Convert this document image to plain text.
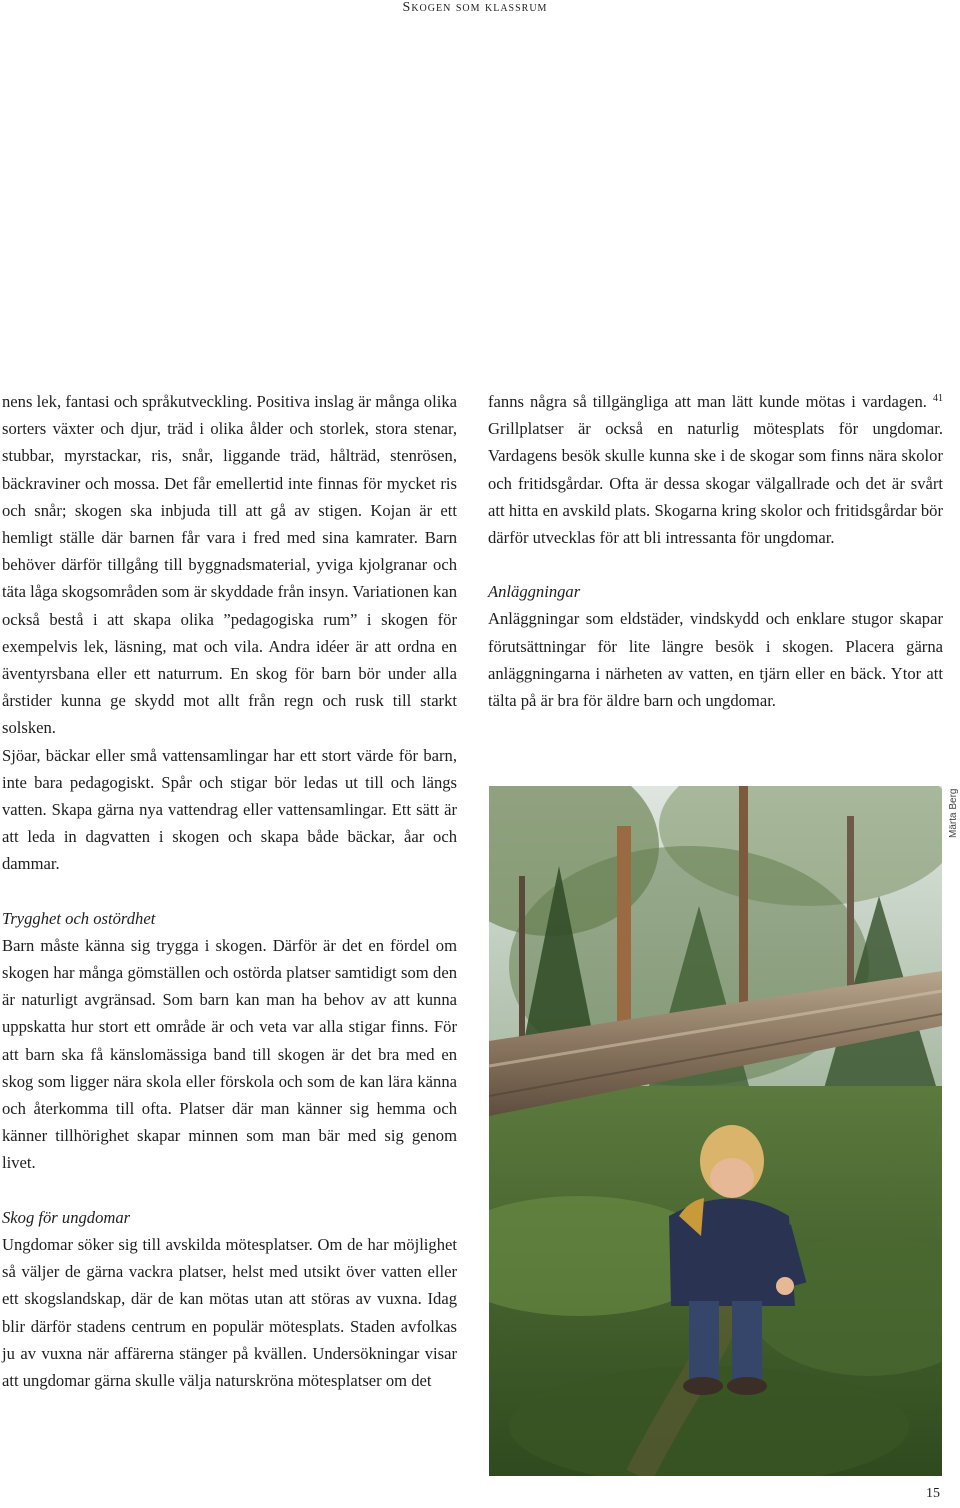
Skogen som klassrum

nens lek, fantasi och språkutveckling. Positiva inslag är många olika sorters växter och djur, träd i olika ålder och storlek, stora stenar, stubbar, myrstackar, ris, snår, liggande träd, hålträd, stenrösen, bäckraviner och mossa. Det får emellertid inte finnas för mycket ris och snår; skogen ska inbjuda till att gå av stigen. Kojan är ett hemligt ställe där barnen får vara i fred med sina kamrater. Barn behöver därför tillgång till byggnadsmaterial, yviga kjolgranar och täta låga skogsområden som är skyddade från insyn. Variationen kan också bestå i att skapa olika ”pedagogiska rum” i skogen för exempelvis lek, läsning, mat och vila. Andra idéer är att ordna en äventyrsbana eller ett naturrum. En skog för barn bör under alla årstider kunna ge skydd mot allt från regn och rusk till starkt solsken.

Sjöar, bäckar eller små vattensamlingar har ett stort värde för barn, inte bara pedagogiskt. Spår och stigar bör ledas ut till och längs vatten. Skapa gärna nya vattendrag eller vattensamlingar. Ett sätt är att leda in dagvatten i skogen och skapa både bäckar, åar och dammar.

Trygghet och ostördhet

Barn måste känna sig trygga i skogen. Därför är det en fördel om skogen har många gömställen och ostörda platser samtidigt som den är naturligt avgränsad. Som barn kan man ha behov av att kunna uppskatta hur stort ett område är och veta var alla stigar finns. För att barn ska få känslomässiga band till skogen är det bra med en skog som ligger nära skola eller förskola och som de kan lära känna och återkomma till ofta. Platser där man känner sig hemma och känner tillhörighet skapar minnen som man bär med sig genom livet.

Skog för ungdomar

Ungdomar söker sig till avskilda mötesplatser. Om de har möjlighet så väljer de gärna vackra platser, helst med utsikt över vatten eller ett skogslandskap, där de kan mötas utan att störas av vuxna. Idag blir därför stadens centrum en populär mötesplats. Staden avfolkas ju av vuxna när affärerna stänger på kvällen. Undersökningar visar att ungdomar gärna skulle välja naturskröna mötesplatser om det

fanns några så tillgängliga att man lätt kunde mötas i vardagen. $^{41}$ Grillplatser är också en naturlig mötesplats för ungdomar. Vardagens besök skulle kunna ske i de skogar som finns nära skolor och fritidsgårdar. Ofta är dessa skogar välgallrade och det är svårt att hitta en avskild plats. Skogarna kring skolor och fritidsgårdar bör därför utvecklas för att bli intressanta för ungdomar.

Anläggningar

Anläggningar som eldstäder, vindskydd och enklare stugor skapar förutsättningar för lite längre besök i skogen. Placera gärna anläggningarna i närheten av vatten, en tjärn eller en bäck. Ytor att tälta på är bra för äldre barn och ungdomar.

Märta Berg
15
